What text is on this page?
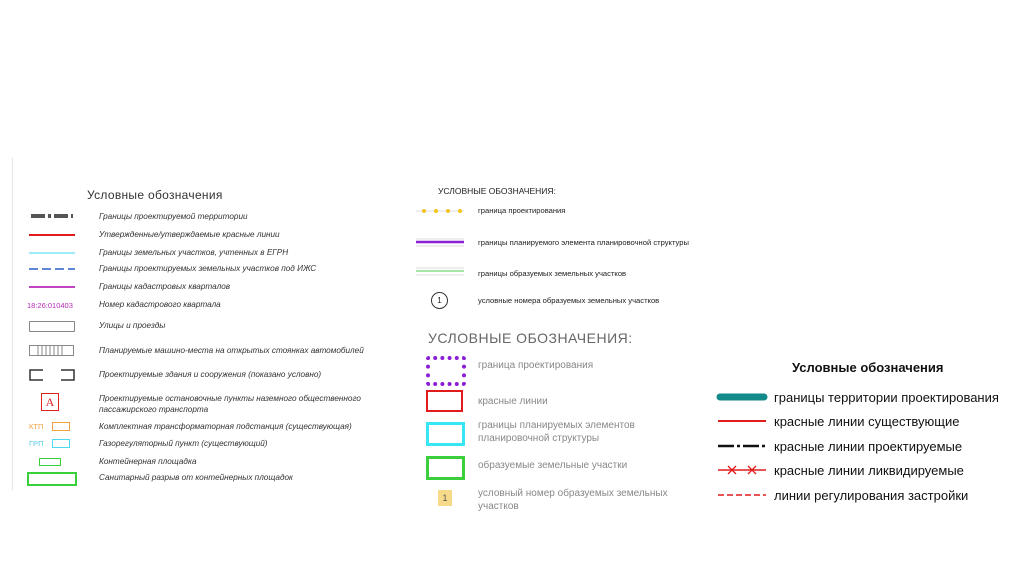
Условные обозначения
Границы проектируемой территории
Утвержденные/утверждаемые красные линии
Границы земельных участков, учтенных в ЕГРН
Границы проектируемых земельных участков под ИЖС
Границы кадастровых кварталов
18:26:010403	Номер кадастрового квартала
Улицы и проезды
Планируемые машино-места на открытых стоянках автомобилей
Проектируемые здания и сооружения (показано условно)
A	Проектируемые остановочные пункты наземного общественного
пассажирского транспорта
КТП	Комплектная трансформаторная подстанция (существующая)
ГРП	Газорегуляторный пункт (существующий)
Контейнерная площадка
Санитарный разрыв от контейнерных площадок
УСЛОВНЫЕ ОБОЗНАЧЕНИЯ:
граница проектирования
границы планируемого элемента планировочной структуры
границы образуемых земельных участков
1	условные номера образуемых земельных участков
УСЛОВНЫЕ ОБОЗНАЧЕНИЯ:
граница проектирования
красные линии
границы планируемых элементов
планировочной структуры
образуемые земельные участки
1	условный номер образуемых земельных
участков
Условные обозначения
границы территории проектирования
красные линии существующие
красные линии проектируемые
красные линии ликвидируемые
линии регулирования застройки
